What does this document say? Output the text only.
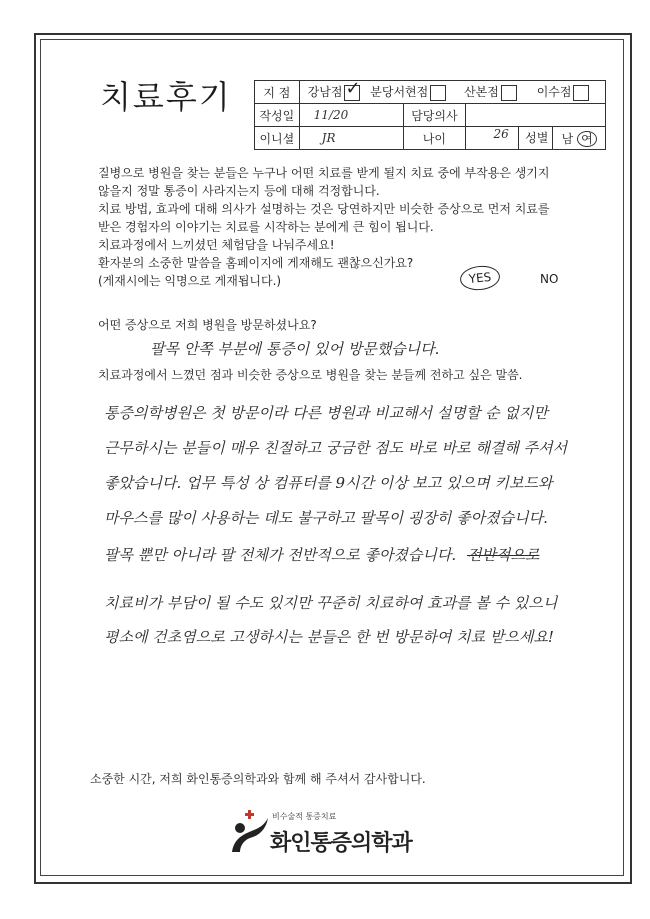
치료후기	지 점	강남점 ✓ 분당서현점 산본점 이수점			
작성일	11/20	담당의사		
이니셜	JR	나이	26 성별	남 여
질병으로 병원을 찾는 분들은 누구나 어떤 치료를 받게 될지 치료 중에 부작용은 생기지
않을지 정말 통증이 사라지는지 등에 대해 걱정합니다.
치료 방법, 효과에 대해 의사가 설명하는 것은 당연하지만 비슷한 증상으로 먼저 치료를
받은 경험자의 이야기는 치료를 시작하는 분에게 큰 힘이 됩니다.
치료과정에서 느끼셨던 체험담을 나눠주세요!
환자분의 소중한 말씀을 홈페이지에 게재해도 괜찮으신가요?
(게재시에는 익명으로 게재됩니다.)	YES	NO
어떤 증상으로 저희 병원을 방문하셨나요?
팔목 안쪽 부분에 통증이 있어 방문했습니다.
치료과정에서 느꼈던 점과 비슷한 증상으로 병원을 찾는 분들께 전하고 싶은 말씀.
통증의학병원은 첫 방문이라 다른 병원과 비교해서 설명할 순 없지만
근무하시는 분들이 매우 친절하고 궁금한 점도 바로 바로 해결해 주셔서
좋았습니다. 업무 특성 상 컴퓨터를 9시간 이상 보고 있으며 키보드와
마우스를 많이 사용하는 데도 불구하고 팔목이 굉장히 좋아졌습니다.
팔목 뿐만 아니라 팔 전체가 전반적으로 좋아졌습니다. 전반적으로
치료비가 부담이 될 수도 있지만 꾸준히 치료하여 효과를 볼 수 있으니
평소에 건초염으로 고생하시는 분들은 한 번 방문하여 치료 받으세요!
소중한 시간, 저희 화인통증의학과와 함께 해 주셔서 감사합니다.
비수술적 통증치료
화인통증의학과
